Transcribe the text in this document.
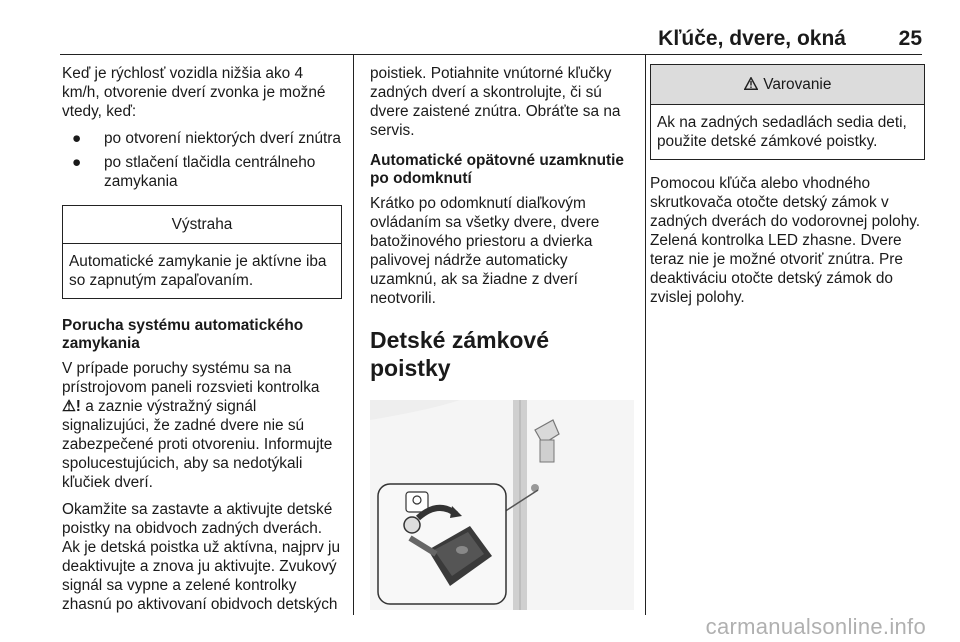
Kľúče, dvere, okná	25

Keď je rýchlosť vozidla nižšia ako 4 km/h, otvorenie dverí zvonka je možné vtedy, keď:

● po otvorení niektorých dverí znútra
● po stlačení tlačidla centrálneho zamykania
Výstraha
Automatické zamykanie je aktívne iba so zapnutým zapaľovaním.
Porucha systému automatického zamykania

V prípade poruchy systému sa na prístrojovom paneli rozsvieti kontrolka ⚠! a zaznie výstražný signál signalizujúci, že zadné dvere nie sú zabezpečené proti otvoreniu. Informujte spolucestujúcich, aby sa nedotýkali kľučiek dverí.

Okamžite sa zastavte a aktivujte detské poistky na obidvoch zadných dverách. Ak je detská poistka už aktívna, najprv ju deaktivujte a znova ju aktivujte. Zvukový signál sa vypne a zelené kontrolky zhasnú po aktivovaní obidvoch detských

poistiek. Potiahnite vnútorné kľučky zadných dverí a skontrolujte, či sú dvere zaistené znútra. Obráťte sa na servis.

Automatické opätovné uzamknutie po odomknutí

Krátko po odomknutí diaľkovým ovládaním sa všetky dvere, dvere batožinového priestoru a dvierka palivovej nádrže automaticky uzamknú, ak sa žiadne z dverí neotvorili.

Detské zámkové poistky
Varovanie
Ak na zadných sedadlách sedia deti, použite detské zámkové poistky.

Pomocou kľúča alebo vhodného skrutkovača otočte detský zámok v zadných dverách do vodorovnej polohy. Zelená kontrolka LED zhasne. Dvere teraz nie je možné otvoriť znútra. Pre deaktiváciu otočte detský zámok do zvislej polohy.

carmanualsonline.info
